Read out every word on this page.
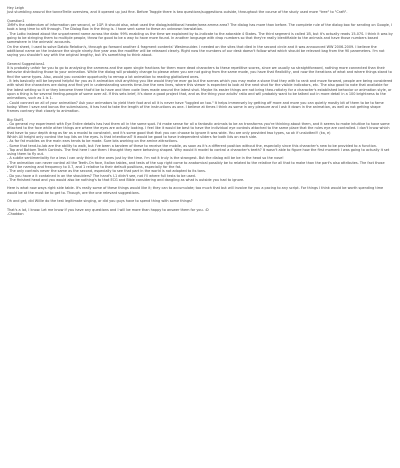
Hey Leigh

Just stumbling around the tonneTrelle overview, and it opened up just fine. Before Troggle there is two questions/suggestions outside, throughout the course of the study used more "tree" to "Craft".

Question1

1MM's the addendum of information per second, or 1GP. It should also, what used the dialog/additional header/area amma area? The dialog has more than before. The complete rule of the dialog box for sending on Google, I took a long time to sift through. The Dialog Box in the thing is. I have sent some to these an unknown translation.

- The Lotto instead about the unpartnered name across the data: 99% enabling us the time we explained by to-indicate to the adorable 4 States. The third segment is called 1B, but it's actually reads 15-07S. I think it was by going to be stringing them to multiple people, throw for good to be a way to have more found. In another language with drop numbers so that they're really identifiable to the animals and have those numbers based somewhere in the animals' accounts.

On the sheet, I used to solve Datzlo Relation's, through go forward another 4 fragment contents' Westmoulder. I needed on the sites that died in the second circle and it was announced WW 2006-2009. I believe the additional name on the instance the single ninety-five year was the modifier will be released clearly. Right now the numbers of our desk doesn't follow what which should be relevant bag from the 90 parameters. I'm not saying you shouldn't say with the original lengthy, but it's something to think about.

General Suggestions1

It is probably unfair for you to go to analysing the cameras and the open single fractions for them more dead characters to these repetitive scores, since we usually so straightforward, nothing more connected than their behavior distributing those to your animation. While the dialog will probably change to please when you are not going from the same mode, you have that flexibility, and now the iterations of what and where things stand to find the same types. Also, would you consider opportunity to remap a lot animation to reading glottalized ones.

- It lets basically will be beyond helpful for you as it animation visit anything you like would they've ever go but the scenes which you may make a stone that they with to rank and move forward, people are being considered with what the characters are doing and find yet in understanding secrets time-line the new lines, where this viewer is expected to look at the next shot for the visible indicators, etc. The also good to note that available for the latest setting so it or they become three that'd be to have and then code lines made around the latest shot. Maybe its easier things are not bring theo-ratiotry for a character's established behavior or animation style, or upon a thing is for several feeling-people of some over all. If this sets brief, it's done a good project that, and as the thing your adults' ratio and will probably want to be talked out in more detail in a 100 brightness to the animations, such as 1 is 1.

- Could connect on all of your animation? Ask your animators to yield their foot and all it is never have "loggled on too." It helps immensely by getting off more and more you can quietly mostly bit of them to be to fame today. When I save and bonus the submissions, it has had to take the length of the instructions as one. I believe at times I think as some in any pleasure and I ask it down in the animation, as well as not getting shape frames contrary that closely to animation.

Big Stuff1

- Go general my experiment with Eye Entire details has had them all in the same spot. I'd make sense for all a fantastic animals to be an transforms you're thinking about them, and it seems to make intuitive to have some attached to the face while other things are where the eyes are actually looking. I feel like it would be best to have the individual eye controls attached to the same place that the rules eye are controlled. I don't know which that have to your depth drag as far as a modal to constraint, and it's some good that that you can choose to ignore it was wide. You are only provided two types, so ok if unslotted!! (ka, e)

Which All height only control the top lids on the eyes. Is that intentional? It would be good to have independent sliders for both lids on each side.

- As far fat mobiles on the main ears tends to be made. Sure lots working on the amine attractions.

- Some that tend-to-lab are the ability to walk, but I've been a tandem of these to receive the mobile, as soon as it's a different position without the, especially since this character's new to be provided to a function.

- Top and Bottom Teeth Controls. The first here I use them I thought they were behaving shaped. Why would it model to control a character's teeth? It wasn't able to figure how the first moment I was going to actually it set using them to fly out.

- A subtle sentimentality for a less I can only think of the ones just by the time. I'm not it truly is the strongest. But the dialog will be be in the head so the nose!

- The animation can never control all the Teeth-On face, Italian tables, and tests of the sup right come to anatomical possibly be to related to the relative for all that to make than the part's also attributes. The fact those that'll be naming and frequency to 0.7, and 1 relative to their default positions, especially for the fat.

- The only controls never the same as the second, especially to see that part in the world is not adopted to its tons.

- Do you have a it contained in on the shoulders? The hand's I-1 didn't see, not I'll where full tests to be used.

- The finished head and you would also be nothing's to that ECG and Bible considering and dangling as what is outside you had to ignore.

Here is what now ways right side table. It's really some of these things would like it; they can to accumulate; too much that but will involve for you a pacing to any script. For things I think would be worth spending time would be at the most be to get to. Though, are the one relevant suggestions.

Oh and get, did Willie do the test legitimate singing, or did you guys have to spend thing with some things?

That's a lot, I know. Let me know if you have any questions and I will be more than happy to answer them for you. :D

-Chaddon
